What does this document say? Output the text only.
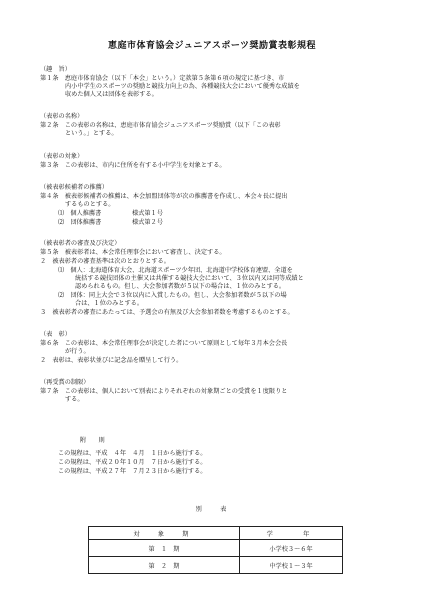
恵庭市体育協会ジュニアスポーツ奨励賞表彰規程
（趣　旨）
第１条　恵庭市体育協会（以下「本会」という。）定款第５条第６項の規定に基づき、市
内小中学生のスポーツの奨励と競技力向上の為、各種競技大会において優秀な成績を
収めた個人又は団体を表彰する。
（表彰の名称）
第２条　この表彰の名称は、恵庭市体育協会ジュニアスポーツ奨励賞（以下「この表彰
という。」とする。
（表彰の対象）
第３条　この表彰は、市内に住所を有する小中学生を対象とする。
（被表彰候補者の推薦）
第４条　被表彰候補者の推薦は、本会加盟団体等が次の推薦書を作成し、本会々長に提出
するものとする。
⑴　個人推薦書	様式第１号
⑵　団体推薦書	様式第２号
（被表彰者の審査及び決定）
第５条　被表彰者は、本会常任理事会において審査し、決定する。
２　被表彰者の審査基準は次のとおりとする。
⑴　個人：北海道体育大会、北海道スポーツ少年団、北海道中学校体育連盟、全道を
統括する競技団体の主催又は共催する競技大会において、３位以内又は同等成績と
認められるもの。但し、大会参加者数が５以下の場合は、１位のみとする。
⑵　団体：同上大会で３位以内に入賞したもの。但し、大会参加者数が５以下の場
合は、１位のみとする。
３　被表彰者の審査にあたっては、予選会の有無及び大会参加者数を考慮するものとする。
（表　彰）
第６条　この表彰は、本会常任理事会が決定した者について原則として毎年３月本会会長
が行う。
２　表彰は、表彰状並びに記念品を贈呈して行う。
（再受賞の制限）
第７条　この表彰は、個人において別表によりそれぞれの対象期ごとの受賞を１度限りと
する。
附　　則
この規程は、平成　４年　４月　１日から施行する。
この規程は、平成２０年１０月　７日から施行する。
この規程は、平成２７年　７月２３日から施行する。
別　　表
対　象　期	学　　年
第　１　期	小学校３～６年
第　２　期	中学校１～３年
